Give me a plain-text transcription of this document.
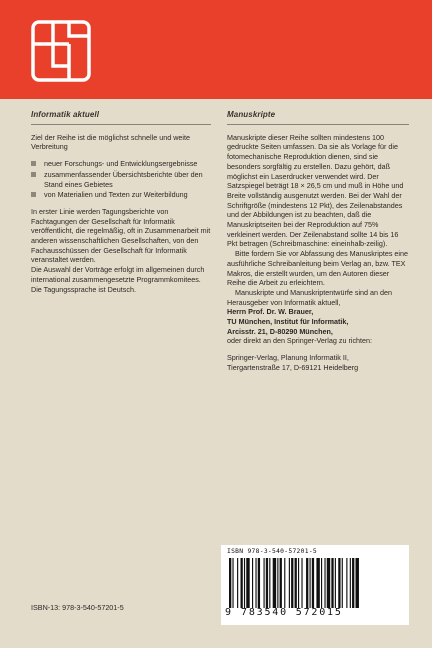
Informatik aktuell

Ziel der Reihe ist die möglichst schnelle und weite Verbreitung

neuer Forschungs- und Entwicklungsergebnisse
zusammenfassender Übersichtsberichte über den Stand eines Gebietes
von Materialien und Texten zur Weiterbildung

In erster Linie werden Tagungsberichte von Fachtagungen der Gesellschaft für Informatik veröffentlicht, die regelmäßig, oft in Zusammenarbeit mit anderen wissenschaftlichen Gesellschaften, von den Fachausschüssen der Gesellschaft für Informatik veranstaltet werden.

Die Auswahl der Vorträge erfolgt im allgemeinen durch international zusammengesetzte Programmkomitees.

Die Tagungssprache ist Deutsch.

Manuskripte

Manuskripte dieser Reihe sollten mindestens 100 gedruckte Seiten umfassen. Da sie als Vorlage für die fotomechanische Reproduktion dienen, sind sie besonders sorgfältig zu erstellen. Dazu gehört, daß möglichst ein Laserdrucker verwendet wird. Der Satzspiegel beträgt 18 × 26,5 cm und muß in Höhe und Breite vollständig ausgenutzt werden. Bei der Wahl der Schriftgröße (mindestens 12 Pkt), des Zeilenabstandes und der Abbildungen ist zu beachten, daß die Manuskriptseiten bei der Reproduktion auf 75% verkleinert werden. Der Zeilenabstand sollte 14 bis 16 Pkt betragen (Schreibmaschine: eineinhalb-zeilig).

Bitte fordern Sie vor Abfassung des Manuskriptes eine ausführliche Schreibanleitung beim Verlag an, bzw. TEX Makros, die erstellt wurden, um den Autoren dieser Reihe die Arbeit zu erleichtern.

Manuskripte und Manuskriptentwürfe sind an den Herausgeber von Informatik aktuell,

Herrn Prof. Dr. W. Brauer,

TU München, Institut für Informatik,

Arcisstr. 21, D-80290 München,

oder direkt an den Springer-Verlag zu richten:

Springer-Verlag, Planung Informatik II,

Tiergartenstraße 17, D-69121 Heidelberg

ISBN 978-3-540-57201-5
9 783540 572015
ISBN-13: 978-3-540-57201-5
